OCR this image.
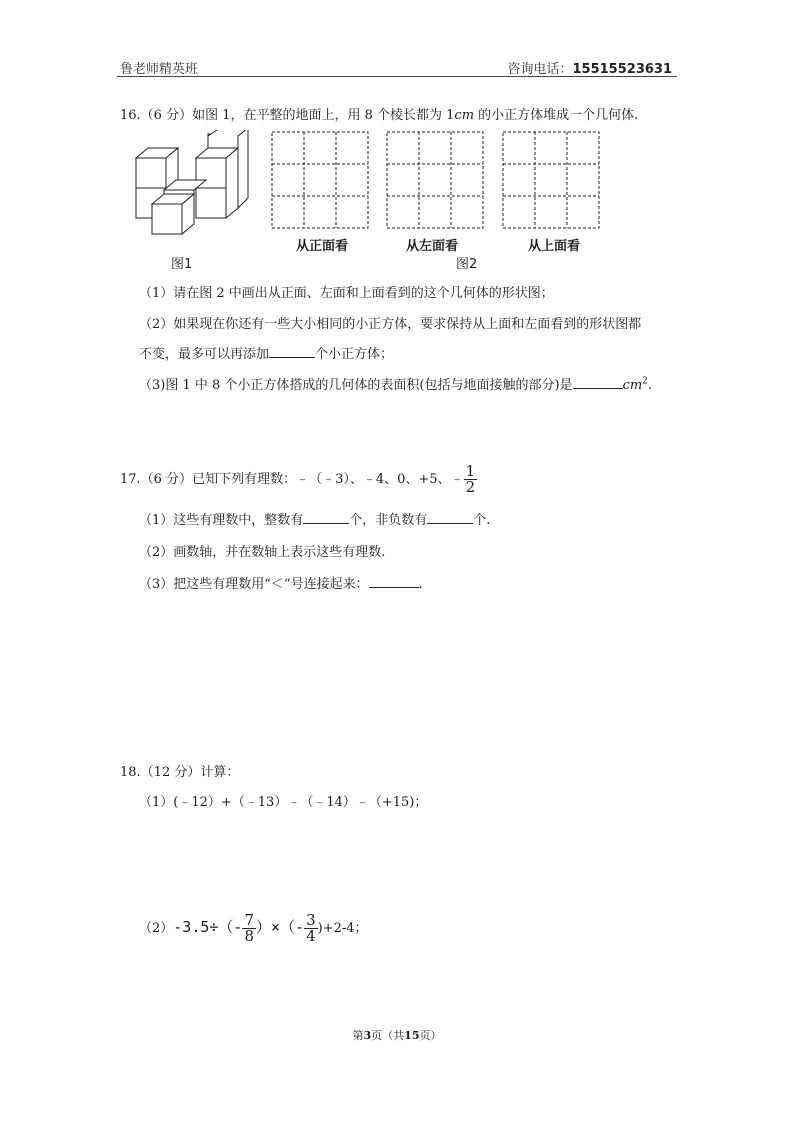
鲁老师精英班	咨询电话：15515523631
16.（6 分）如图 1，在平整的地面上，用 8 个棱长都为 1cm 的小正方体堆成一个几何体.
从正面看	从左面看	从上面看
图1	图2
（1）请在图 2 中画出从正面、左面和上面看到的这个几何体的形状图；
（2）如果现在你还有一些大小相同的小正方体，要求保持从上面和左面看到的形状图都
不变，最多可以再添加	个小正方体；
（3)图 1 中 8 个小正方体搭成的几何体的表面积(包括与地面接触的部分)是	$cm^2$.
17.（6 分）已知下列有理数：﹣（﹣3）、﹣4、0、+5、﹣ $\frac{1}{2}$
（1）这些有理数中，整数有	个，非负数有	个.
（2）画数轴，并在数轴上表示这些有理数.
（3）把这些有理数用“＜“号连接起来：	.
18.（12 分）计算：
（1）(﹣12）+（﹣13）﹣（﹣14）﹣（+15)；
$(2)-3.5\div(- \frac{7}{8}$ ）×（- $\frac{3}{4} )+2-4$；
第3页（共15页）
